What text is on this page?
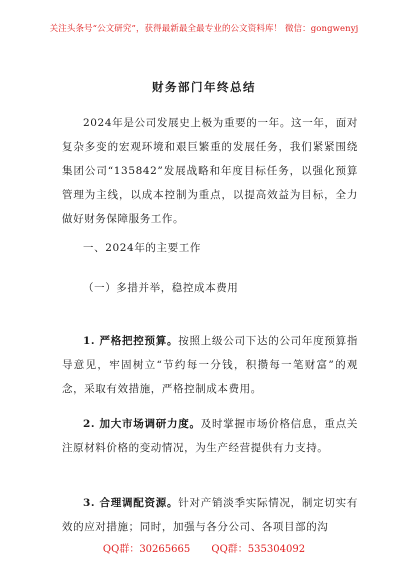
关注头条号“公文研究”，获得最新最全最专业的公文资料库！ 微信：gongwenyj
财务部门年终总结
2024年是公司发展史上极为重要的一年。这一年，面对复杂多变的宏观环境和艰巨繁重的发展任务，我们紧紧围绕集团公司“135842”发展战略和年度目标任务，以强化预算管理为主线，以成本控制为重点，以提高效益为目标，全力做好财务保障服务工作。
一、2024年的主要工作
（一）多措并举，稳控成本费用
1. 严格把控预算。按照上级公司下达的公司年度预算指导意见，牢固树立“节约每一分钱，积攒每一笔财富”的观念，采取有效措施，严格控制成本费用。
2. 加大市场调研力度。及时掌握市场价格信息，重点关注原材料价格的变动情况，为生产经营提供有力支持。
3. 合理调配资源。针对产销淡季实际情况，制定切实有效的应对措施；同时，加强与各分公司、各项目部的沟
QQ群：30265665 QQ群：535304092
